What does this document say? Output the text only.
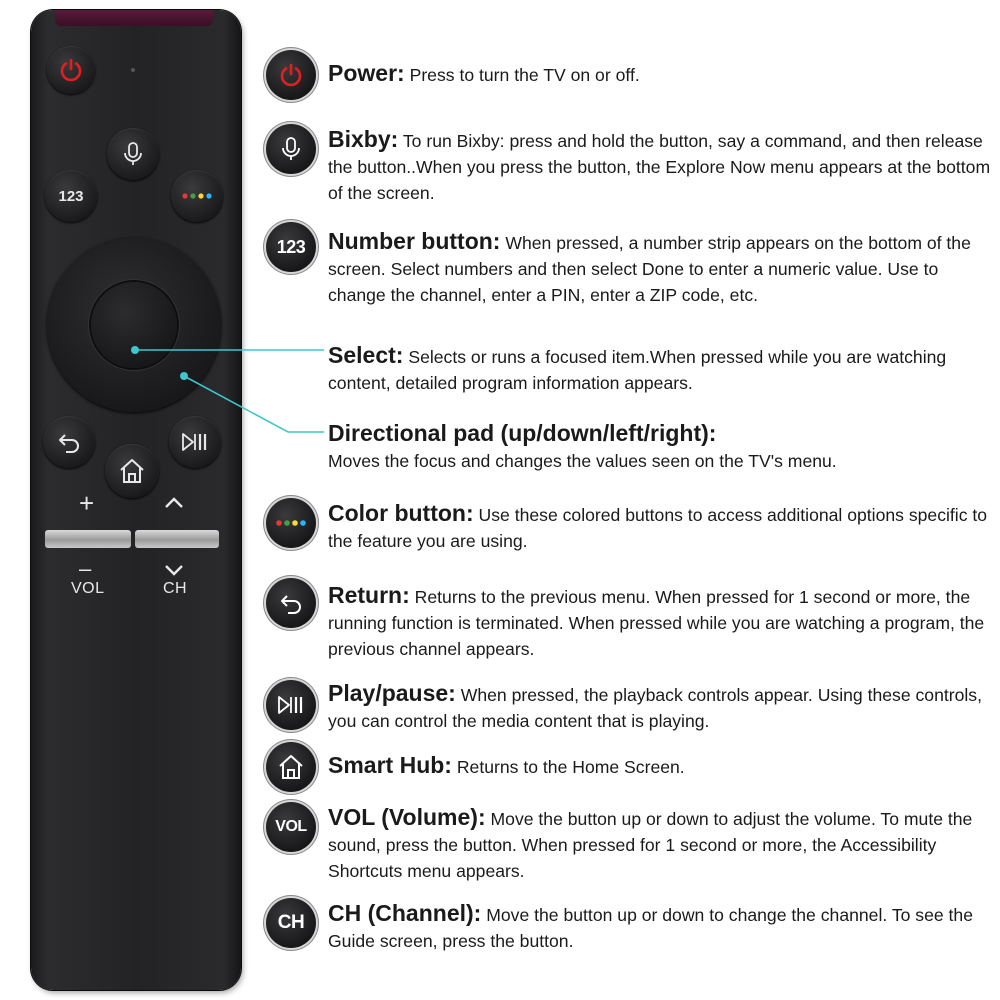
123
+
–
VOL	CH
Power: Press to turn the TV on or off.
Bixby: To run Bixby: press and hold the button, say a command, and then release the button..When you press the button, the Explore Now menu appears at the bottom of the screen.
123 Number button: When pressed, a number strip appears on the bottom of the screen. Select numbers and then select Done to enter a numeric value. Use to change the channel, enter a PIN, enter a ZIP code, etc.
Select: Selects or runs a focused item.When pressed while you are watching content, detailed program information appears.
Directional pad (up/down/left/right):
Moves the focus and changes the values seen on the TV's menu.
Color button: Use these colored buttons to access additional options specific to the feature you are using.
Return: Returns to the previous menu. When pressed for 1 second or more, the running function is terminated. When pressed while you are watching a program, the previous channel appears.
Play/pause: When pressed, the playback controls appear. Using these controls, you can control the media content that is playing.
Smart Hub: Returns to the Home Screen.
VOL VOL (Volume): Move the button up or down to adjust the volume. To mute the sound, press the button. When pressed for 1 second or more, the Accessibility Shortcuts menu appears.
CH CH (Channel): Move the button up or down to change the channel. To see the Guide screen, press the button.
